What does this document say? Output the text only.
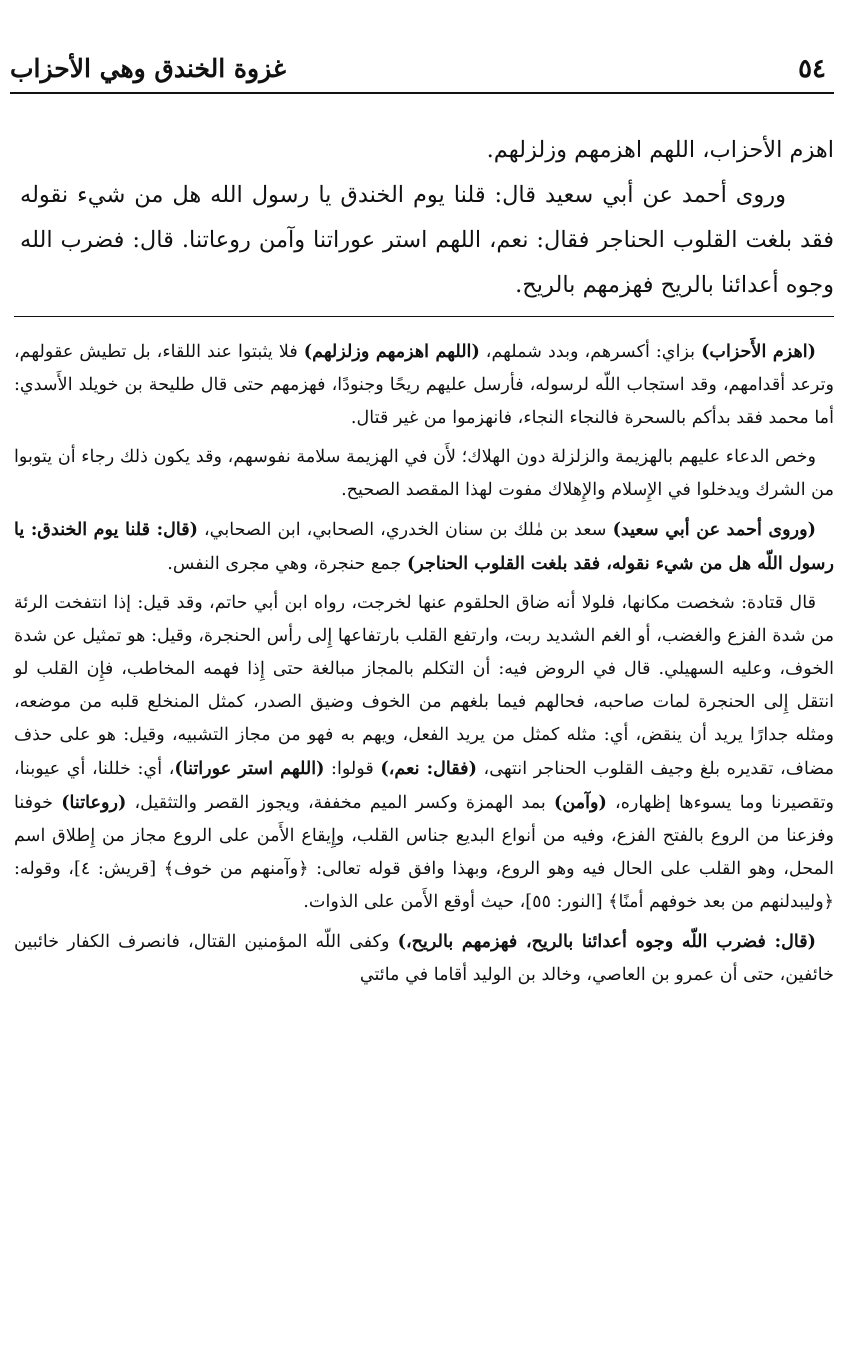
٥٤
غزوة الخندق وهي الأحزاب

اهزم الأحزاب، اللهم اهزمهم وزلزلهم.

وروى أحمد عن أبي سعيد قال: قلنا يوم الخندق يا رسول الله هل من شيء نقوله فقد بلغت القلوب الحناجر فقال: نعم، اللهم استر عوراتنا وآمن روعاتنا. قال: فضرب الله وجوه أعدائنا بالريح فهزمهم بالريح.

(اهزم الأَحزاب) بزاي: أكسرهم، وبدد شملهم، (اللهم اهزمهم وزلزلهم) فلا يثبتوا عند اللقاء، بل تطيش عقولهم، وترعد أقدامهم، وقد استجاب اللّه لرسوله، فأرسل عليهم ريحًا وجنودًا، فهزمهم حتى قال طليحة بن خويلد الأَسدي: أما محمد فقد بدأكم بالسحرة فالنجاء النجاء، فانهزموا من غير قتال.

وخص الدعاء عليهم بالهزيمة والزلزلة دون الهلاك؛ لأَن في الهزيمة سلامة نفوسهم، وقد يكون ذلك رجاء أن يتوبوا من الشرك ويدخلوا في الإِسلام والإِهلاك مفوت لهذا المقصد الصحيح.

(وروى أحمد عن أبي سعيد) سعد بن مٰلك بن سنان الخدري، الصحابي، ابن الصحابي، (قال: قلنا يوم الخندق: يا رسول اللّه هل من شيء نقوله، فقد بلغت القلوب الحناجر) جمع حنجرة، وهي مجرى النفس.

قال قتادة: شخصت مكانها، فلولا أنه ضاق الحلقوم عنها لخرجت، رواه ابن أبي حاتم، وقد قيل: إذا انتفخت الرئة من شدة الفزع والغضب، أو الغم الشديد ربت، وارتفع القلب بارتفاعها إِلى رأس الحنجرة، وقيل: هو تمثيل عن شدة الخوف، وعليه السهيلي. قال في الروض فيه: أن التكلم بالمجاز مبالغة حتى إِذا فهمه المخاطب، فإِن القلب لو انتقل إِلى الحنجرة لمات صاحبه، فحالهم فيما بلغهم من الخوف وضيق الصدر، كمثل المنخلع قلبه من موضعه، ومثله جدارًا يريد أن ينقض، أي: مثله كمثل من يريد الفعل، ويهم به فهو من مجاز التشبيه، وقيل: هو على حذف مضاف، تقديره بلغ وجيف القلوب الحناجر انتهى، (فقال: نعم،) قولوا: (اللهم استر عوراتنا)، أي: خللنا، أي عيوبنا، وتقصيرنا وما يسوءها إظهاره، (وآمن) بمد الهمزة وكسر الميم مخففة، ويجوز القصر والتثقيل، (روعاتنا) خوفنا وفزعنا من الروع بالفتح الفزع، وفيه من أنواع البديع جناس القلب، وإِيقاع الأَمن على الروع مجاز من إِطلاق اسم المحل، وهو القلب على الحال فيه وهو الروع، وبهذا وافق قوله تعالى: ﴿وآمنهم من خوف﴾ [قريش: ٤]، وقوله: ﴿وليبدلنهم من بعد خوفهم أمنًا﴾ [النور: ٥٥]، حيث أوقع الأَمن على الذوات.

(قال: فضرب اللّه وجوه أعدائنا بالريح، فهزمهم بالريح،) وكفى اللّه المؤمنين القتال، فانصرف الكفار خائبين خائفين، حتى أن عمرو بن العاصي، وخالد بن الوليد أقاما في مائتي
